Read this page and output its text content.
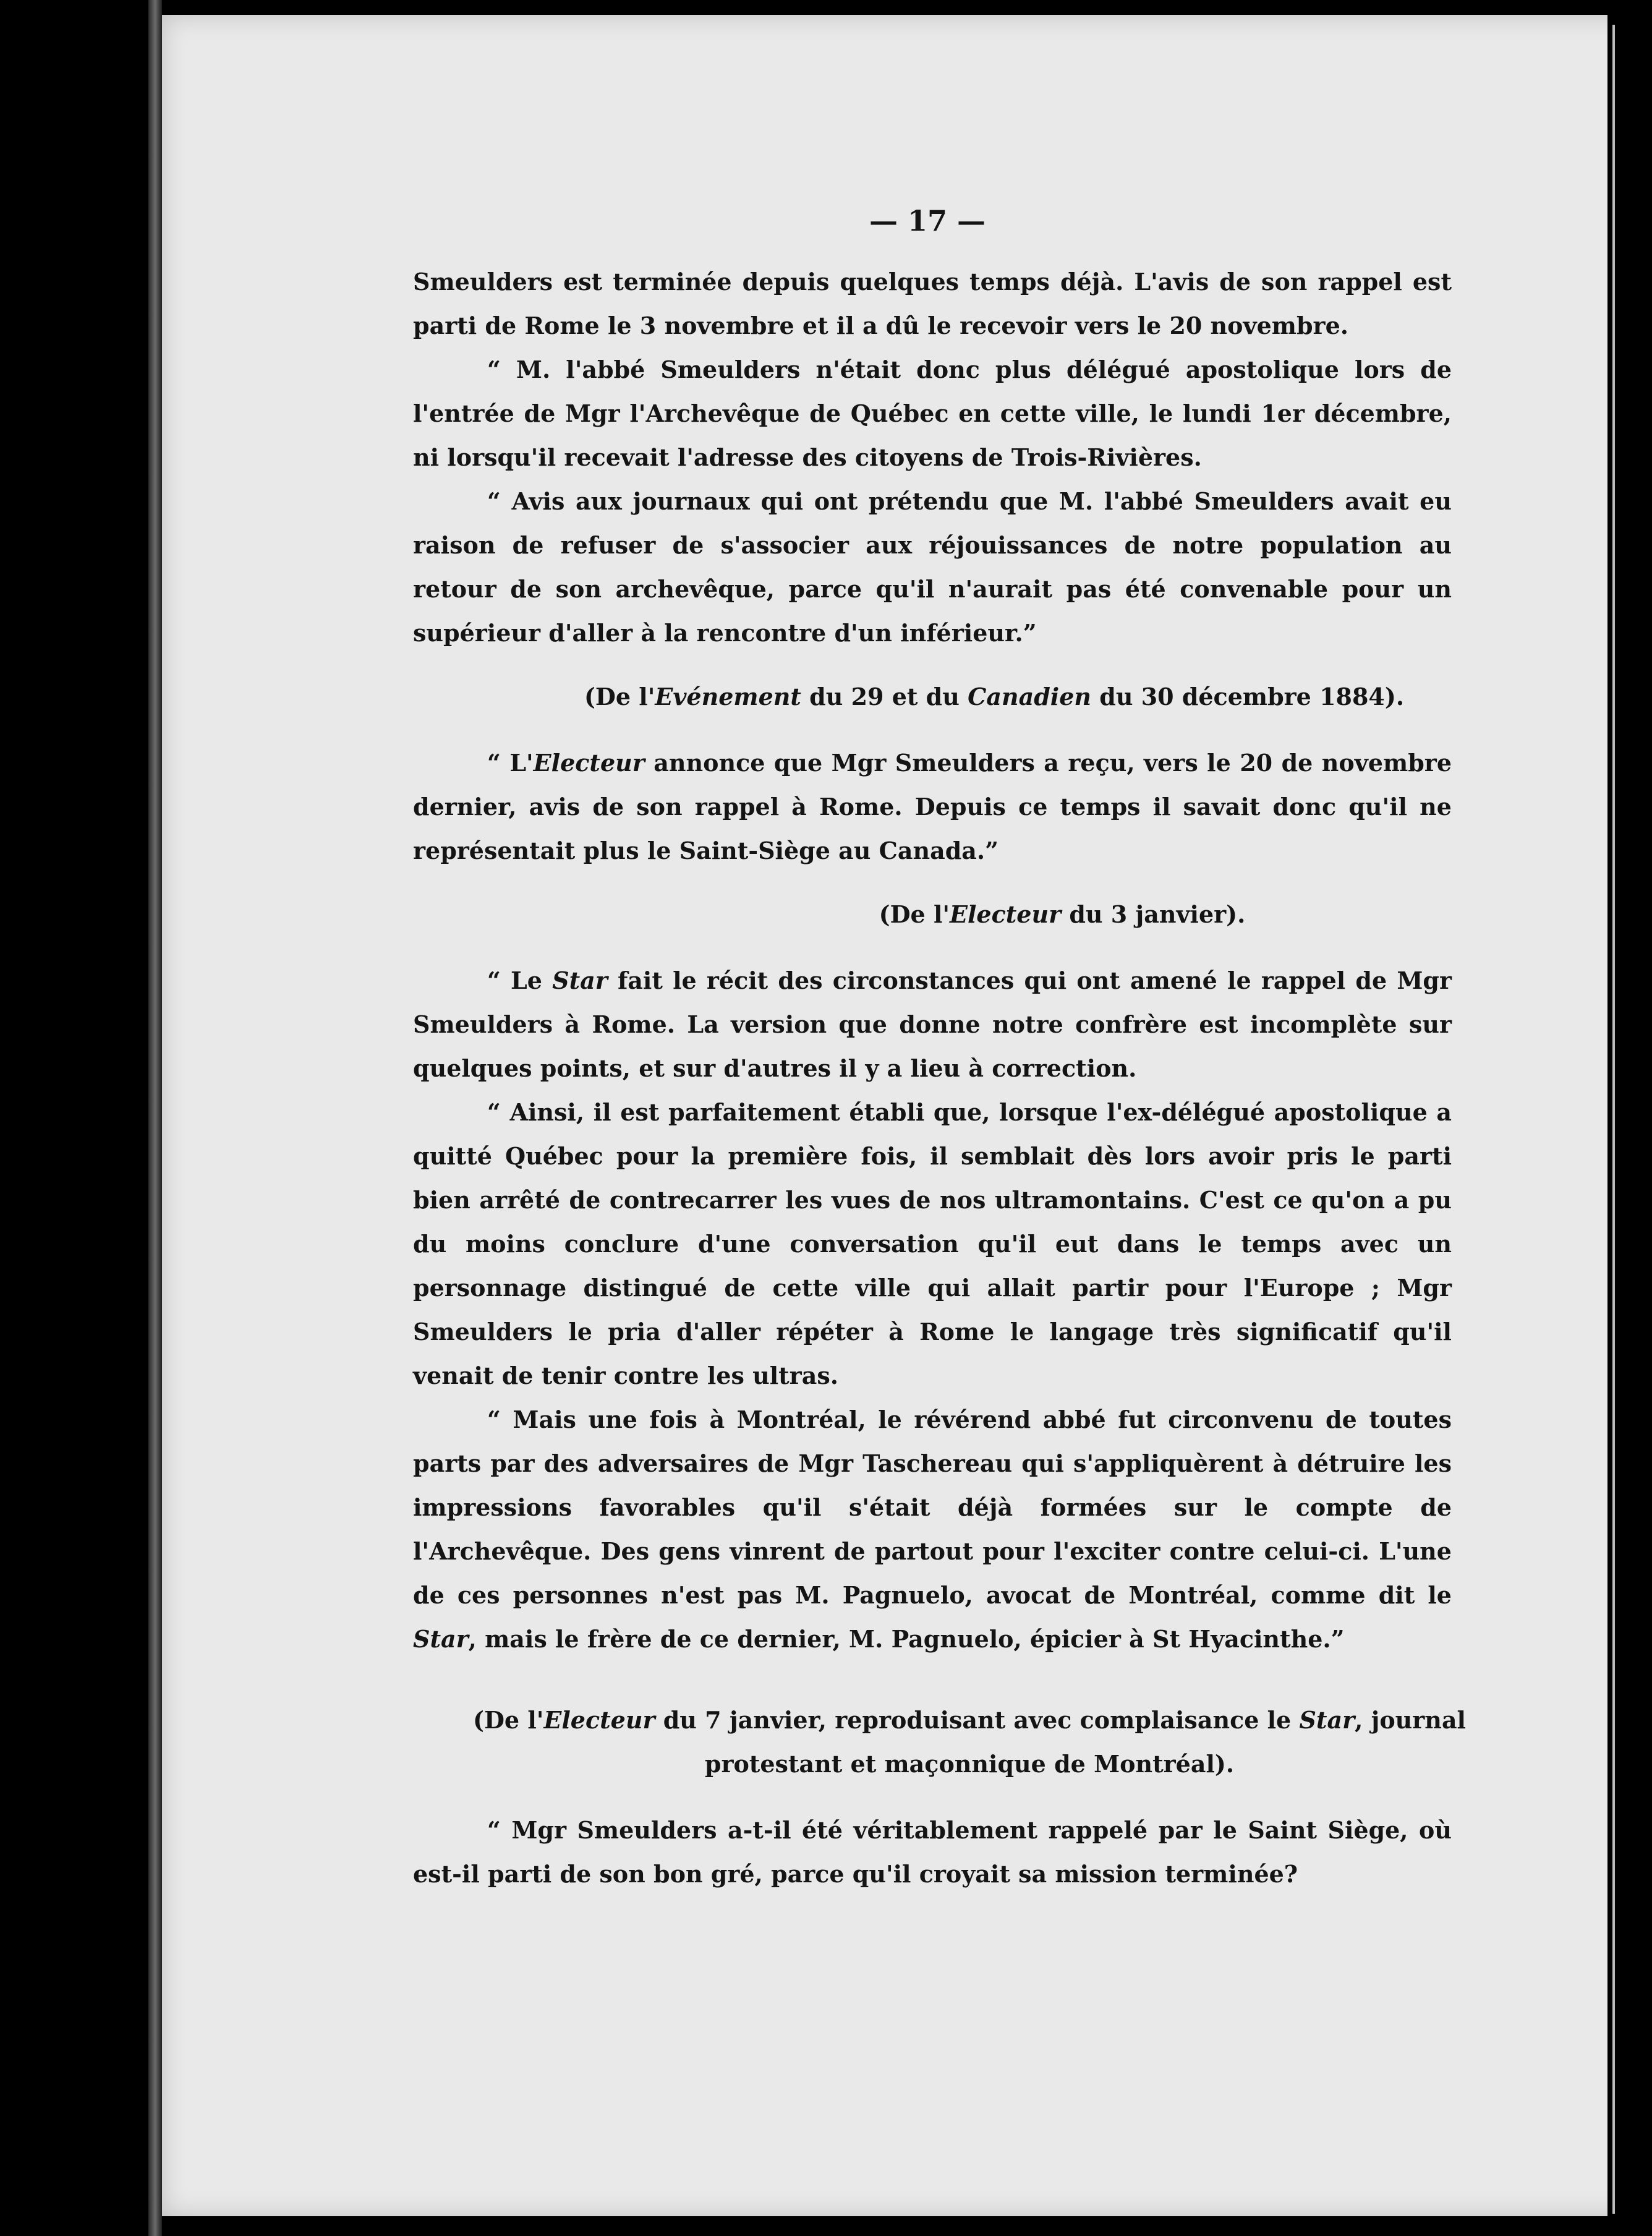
— 17 —

Smeulders est terminée depuis quelques temps déjà. L'avis de son rappel est parti de Rome le 3 novembre et il a dû le recevoir vers le 20 novembre.

“ M. l'abbé Smeulders n'était donc plus délégué apostolique lors de l'entrée de Mgr l'Archevêque de Québec en cette ville, le lundi 1er décembre, ni lorsqu'il recevait l'adresse des citoyens de Trois-Rivières.

“ Avis aux journaux qui ont prétendu que M. l'abbé Smeulders avait eu raison de refuser de s'associer aux réjouissances de notre population au retour de son archevêque, parce qu'il n'aurait pas été convenable pour un supérieur d'aller à la rencontre d'un inférieur.”

(De l'Evénement du 29 et du Canadien du 30 décembre 1884).

“ L'Electeur annonce que Mgr Smeulders a reçu, vers le 20 de novembre dernier, avis de son rappel à Rome. Depuis ce temps il savait donc qu'il ne représentait plus le Saint-Siège au Canada.”

(De l'Electeur du 3 janvier).

“ Le Star fait le récit des circonstances qui ont amené le rappel de Mgr Smeulders à Rome. La version que donne notre confrère est incomplète sur quelques points, et sur d'autres il y a lieu à correction.

“ Ainsi, il est parfaitement établi que, lorsque l'ex-délégué apostolique a quitté Québec pour la première fois, il semblait dès lors avoir pris le parti bien arrêté de contrecarrer les vues de nos ultramontains. C'est ce qu'on a pu du moins conclure d'une conversation qu'il eut dans le temps avec un personnage distingué de cette ville qui allait partir pour l'Europe ; Mgr Smeulders le pria d'aller répéter à Rome le langage très significatif qu'il venait de tenir contre les ultras.

“ Mais une fois à Montréal, le révérend abbé fut circonvenu de toutes parts par des adversaires de Mgr Taschereau qui s'appliquèrent à détruire les impressions favorables qu'il s'était déjà formées sur le compte de l'Archevêque. Des gens vinrent de partout pour l'exciter contre celui-ci. L'une de ces personnes n'est pas M. Pagnuelo, avocat de Montréal, comme dit le Star, mais le frère de ce dernier, M. Pagnuelo, épicier à St Hyacinthe.”

(De l'Electeur du 7 janvier, reproduisant avec complaisance le Star, journal protestant et maçonnique de Montréal).

“ Mgr Smeulders a-t-il été véritablement rappelé par le Saint Siège, où est-il parti de son bon gré, parce qu'il croyait sa mission terminée?
